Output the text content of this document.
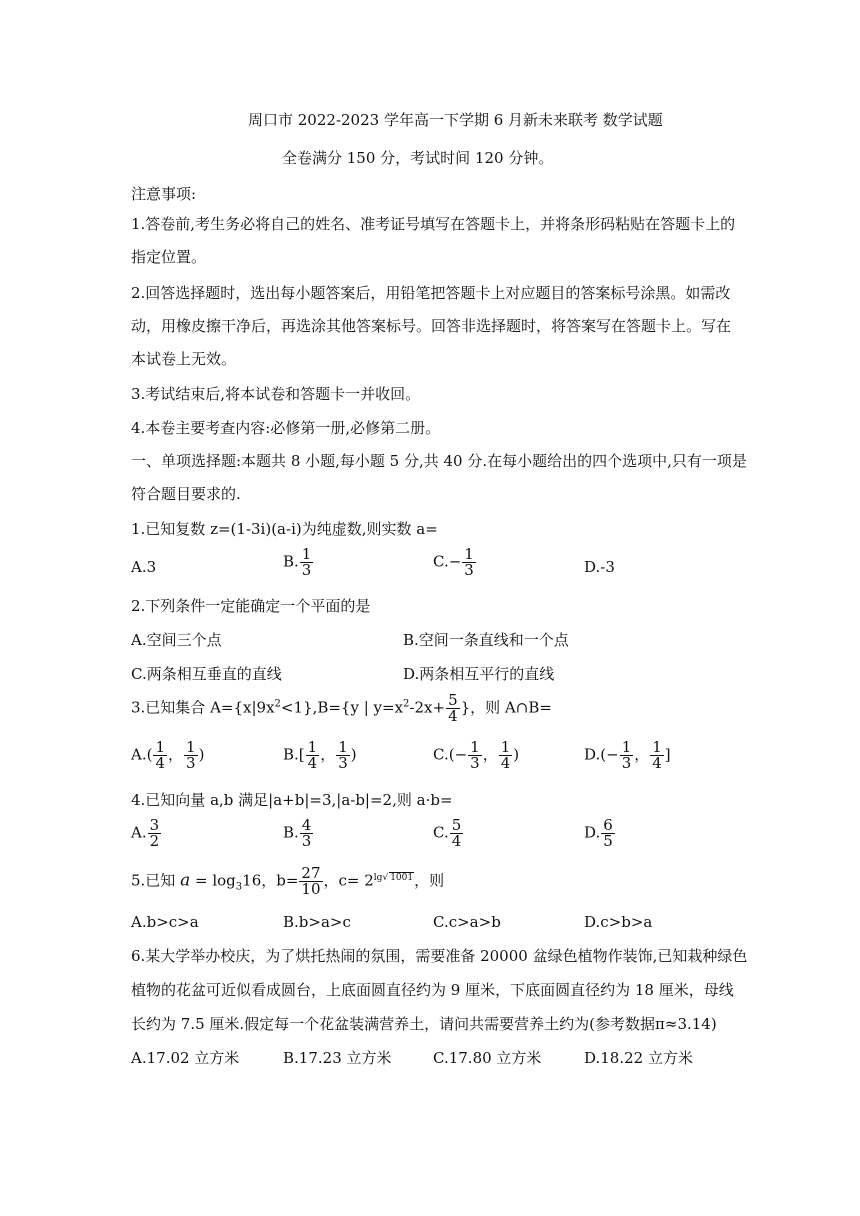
周口市 2022-2023 学年高一下学期 6 月新未来联考 数学试题
全卷满分 150 分，考试时间 120 分钟。
注意事项:
1.答卷前,考生务必将自己的姓名、准考证号填写在答题卡上，并将条形码粘贴在答题卡上的
指定位置。
2.回答选择题时，选出每小题答案后，用铅笔把答题卡上对应题目的答案标号涂黑。如需改
动，用橡皮擦干净后，再选涂其他答案标号。回答非选择题时，将答案写在答题卡上。写在
本试卷上无效。
3.考试结束后,将本试卷和答题卡一并收回。
4.本卷主要考查内容:必修第一册,必修第二册。
一、单项选择题:本题共 8 小题,每小题 5 分,共 40 分.在每小题给出的四个选项中,只有一项是
符合题目要求的.
1.已知复数 z=(1-3i)(a-i)为纯虚数,则实数 a=
A.3	B. $\frac{1}{3}$	$C.- \frac{1}{3}$	D.-3
2.下列条件一定能确定一个平面的是
A.空间三个点	B.空间一条直线和一个点
C.两条相互垂直的直线	D.两条相互平行的直线
3.已知集合 $A=\{x|9x^2<1\},B=\{y$ | $y=x^2-2x+ \frac{5}{4}$ }，则 A∩B=
$A.( \frac{1}{4}$ ， $\frac{1}{3}$ )	$B.[ \frac{1}{4}$ ， $\frac{1}{3}$ )	$C.(- \frac{1}{3}$ ， $\frac{1}{4}$ )	$D.(- \frac{1}{3}$ ， $\frac{1}{4}$ ]
4.已知向量 a,b 满足|a+b|=3,|a-b|=2,则 a·b=
A. $\frac{3}{2}$	B. $\frac{4}{3}$	C. $\frac{5}{4}$	D. $\frac{6}{5}$
5.已知 $a = \log_316$，$b= \frac{27}{10}$ ，$c= 2^{lg√ 1001}$，则
A.b>c>a	B.b>a>c	C.c>a>b	D.c>b>a
6.某大学举办校庆，为了烘托热闹的氛围，需要准备 20000 盆绿色植物作装饰,已知栽种绿色
植物的花盆可近似看成圆台，上底面圆直径约为 9 厘米，下底面圆直径约为 18 厘米，母线
长约为 7.5 厘米.假定每一个花盆装满营养土，请问共需要营养土约为(参考数据π≈3.14)
A.17.02 立方米	B.17.23 立方米	C.17.80 立方米	D.18.22 立方米
